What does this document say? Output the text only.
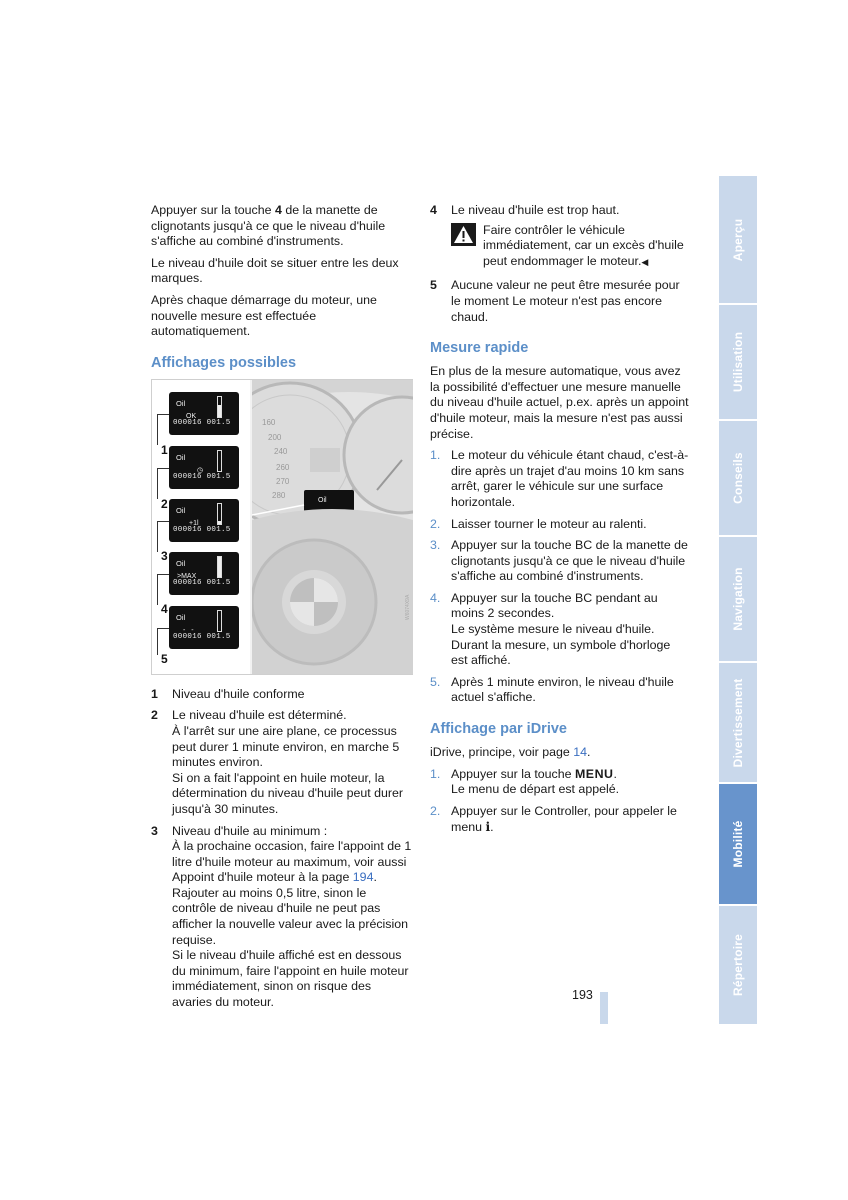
Appuyer sur la touche 4 de la manette de clignotants jusqu'à ce que le niveau d'huile s'affiche au combiné d'instruments.

Le niveau d'huile doit se situer entre les deux marques.

Après chaque démarrage du moteur, une nouvelle mesure est effectuée automatiquement.

Affichages possibles
Oil
OK
000016 001.5
1
Oil
◷
000016 001.5
2 Oil
+1l
000016 001.5
3
Oil
>MAX
000016 001.5
4
Oil
- -
000016 001.5
5
160
200
240
260
270
280
Oil
W6074X9A
1 Niveau d'huile conforme
2 Le niveau d'huile est déterminé.
À l'arrêt sur une aire plane, ce processus peut durer 1 minute environ, en marche 5 minutes environ.
Si on a fait l'appoint en huile moteur, la détermination du niveau d'huile peut durer jusqu'à 30 minutes.
3 Niveau d'huile au minimum :
À la prochaine occasion, faire l'appoint de 1 litre d'huile moteur au maximum, voir aussi Appoint d'huile moteur à la page 194.
Rajouter au moins 0,5 litre, sinon le contrôle de niveau d'huile ne peut pas afficher la nouvelle valeur avec la précision requise.
Si le niveau d'huile affiché est en dessous du minimum, faire l'appoint en huile moteur immédiatement, sinon on risque des avaries du moteur.
4 Le niveau d'huile est trop haut.
Faire contrôler le véhicule immédiatement, car un excès d'huile peut endommager le moteur.◀
5 Aucune valeur ne peut être mesurée pour le moment Le moteur n'est pas encore chaud.
Mesure rapide

En plus de la mesure automatique, vous avez la possibilité d'effectuer une mesure manuelle du niveau d'huile actuel, p.ex. après un appoint d'huile moteur, mais la mesure n'est pas aussi précise.

1. Le moteur du véhicule étant chaud, c'est-à-dire après un trajet d'au moins 10 km sans arrêt, garer le véhicule sur une surface horizontale.
2. Laisser tourner le moteur au ralenti.
3. Appuyer sur la touche BC de la manette de clignotants jusqu'à ce que le niveau d'huile s'affiche au combiné d'instruments.
4. Appuyer sur la touche BC pendant au moins 2 secondes.
Le système mesure le niveau d'huile.
Durant la mesure, un symbole d'horloge est affiché.
5. Après 1 minute environ, le niveau d'huile actuel s'affiche.
Affichage par iDrive

iDrive, principe, voir page 14.

1. Appuyer sur la touche MENU.
Le menu de départ est appelé.
2. Appuyer sur le Controller, pour appeler le menu i.
Aperçu
Utilisation
Conseils
Navigation
Divertissement
Mobilité
Répertoire
193
